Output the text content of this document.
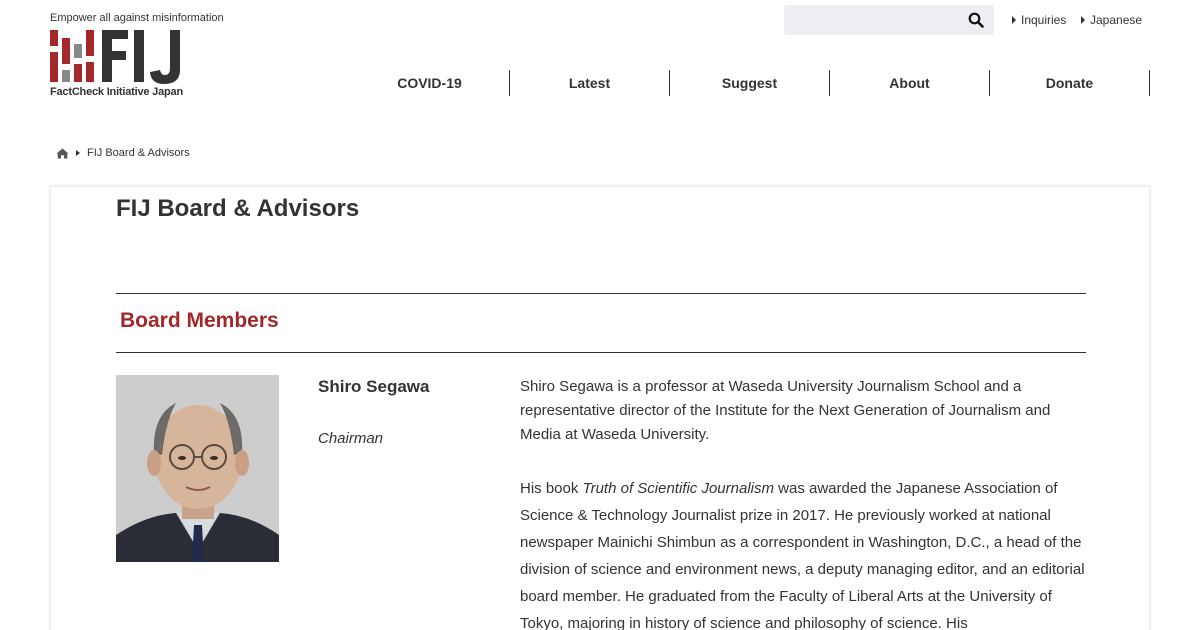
Empower all against misinformation
FactCheck Initiative Japan
Inquiries Japanese
COVID-19	Latest	Suggest	About	Donate
FIJ Board & Advisors
FIJ Board & Advisors
Board Members
Shiro Segawa
Chairman

Shiro Segawa is a professor at Waseda University Journalism School and a representative director of the Institute for the Next Generation of Journalism and Media at Waseda University.

His book Truth of Scientific Journalism was awarded the Japanese Association of Science & Technology Journalist prize in 2017. He previously worked at national newspaper Mainichi Shimbun as a correspondent in Washington, D.C., a head of the division of science and environment news, a deputy managing editor, and an editorial board member. He graduated from the Faculty of Liberal Arts at the University of Tokyo, majoring in history of science and philosophy of science. His
